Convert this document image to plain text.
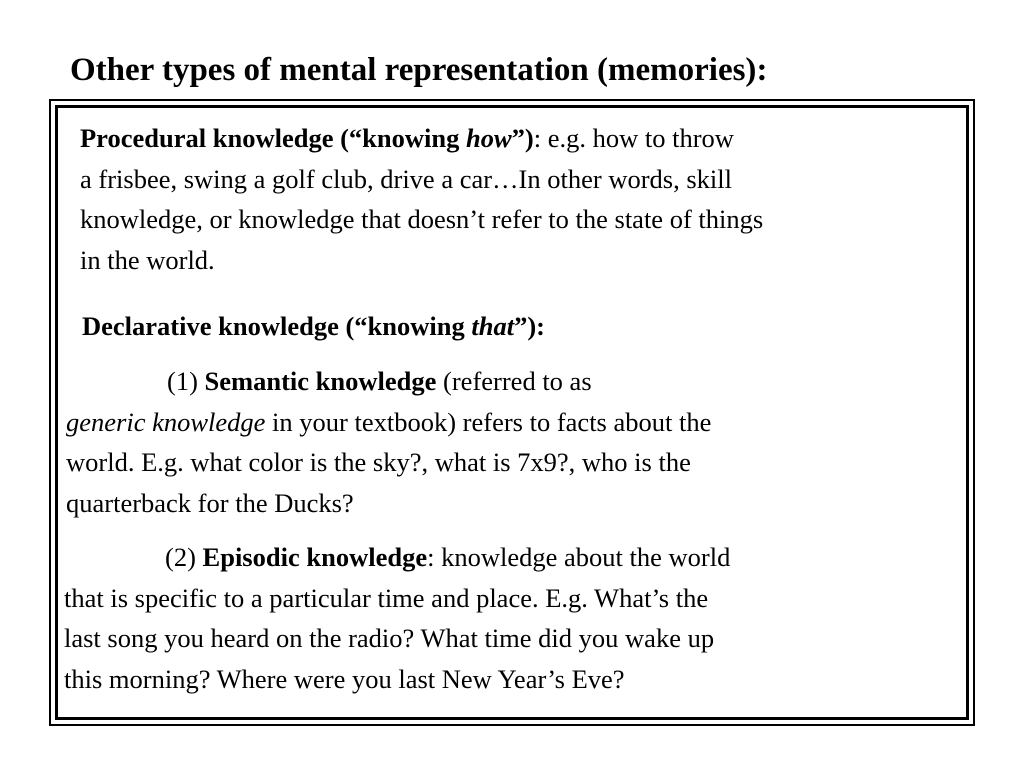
Other types of mental representation (memories):
Procedural knowledge (“knowing how”): e.g. how to throw
a frisbee, swing a golf club, drive a car…In other words, skill
knowledge, or knowledge that doesn’t refer to the state of things
in the world.
Declarative knowledge (“knowing that”):
(1) Semantic knowledge (referred to as
generic knowledge in your textbook) refers to facts about the
world. E.g. what color is the sky?, what is 7x9?, who is the
quarterback for the Ducks?
(2) Episodic knowledge: knowledge about the world
that is specific to a particular time and place. E.g. What’s the
last song you heard on the radio? What time did you wake up
this morning? Where were you last New Year’s Eve?
